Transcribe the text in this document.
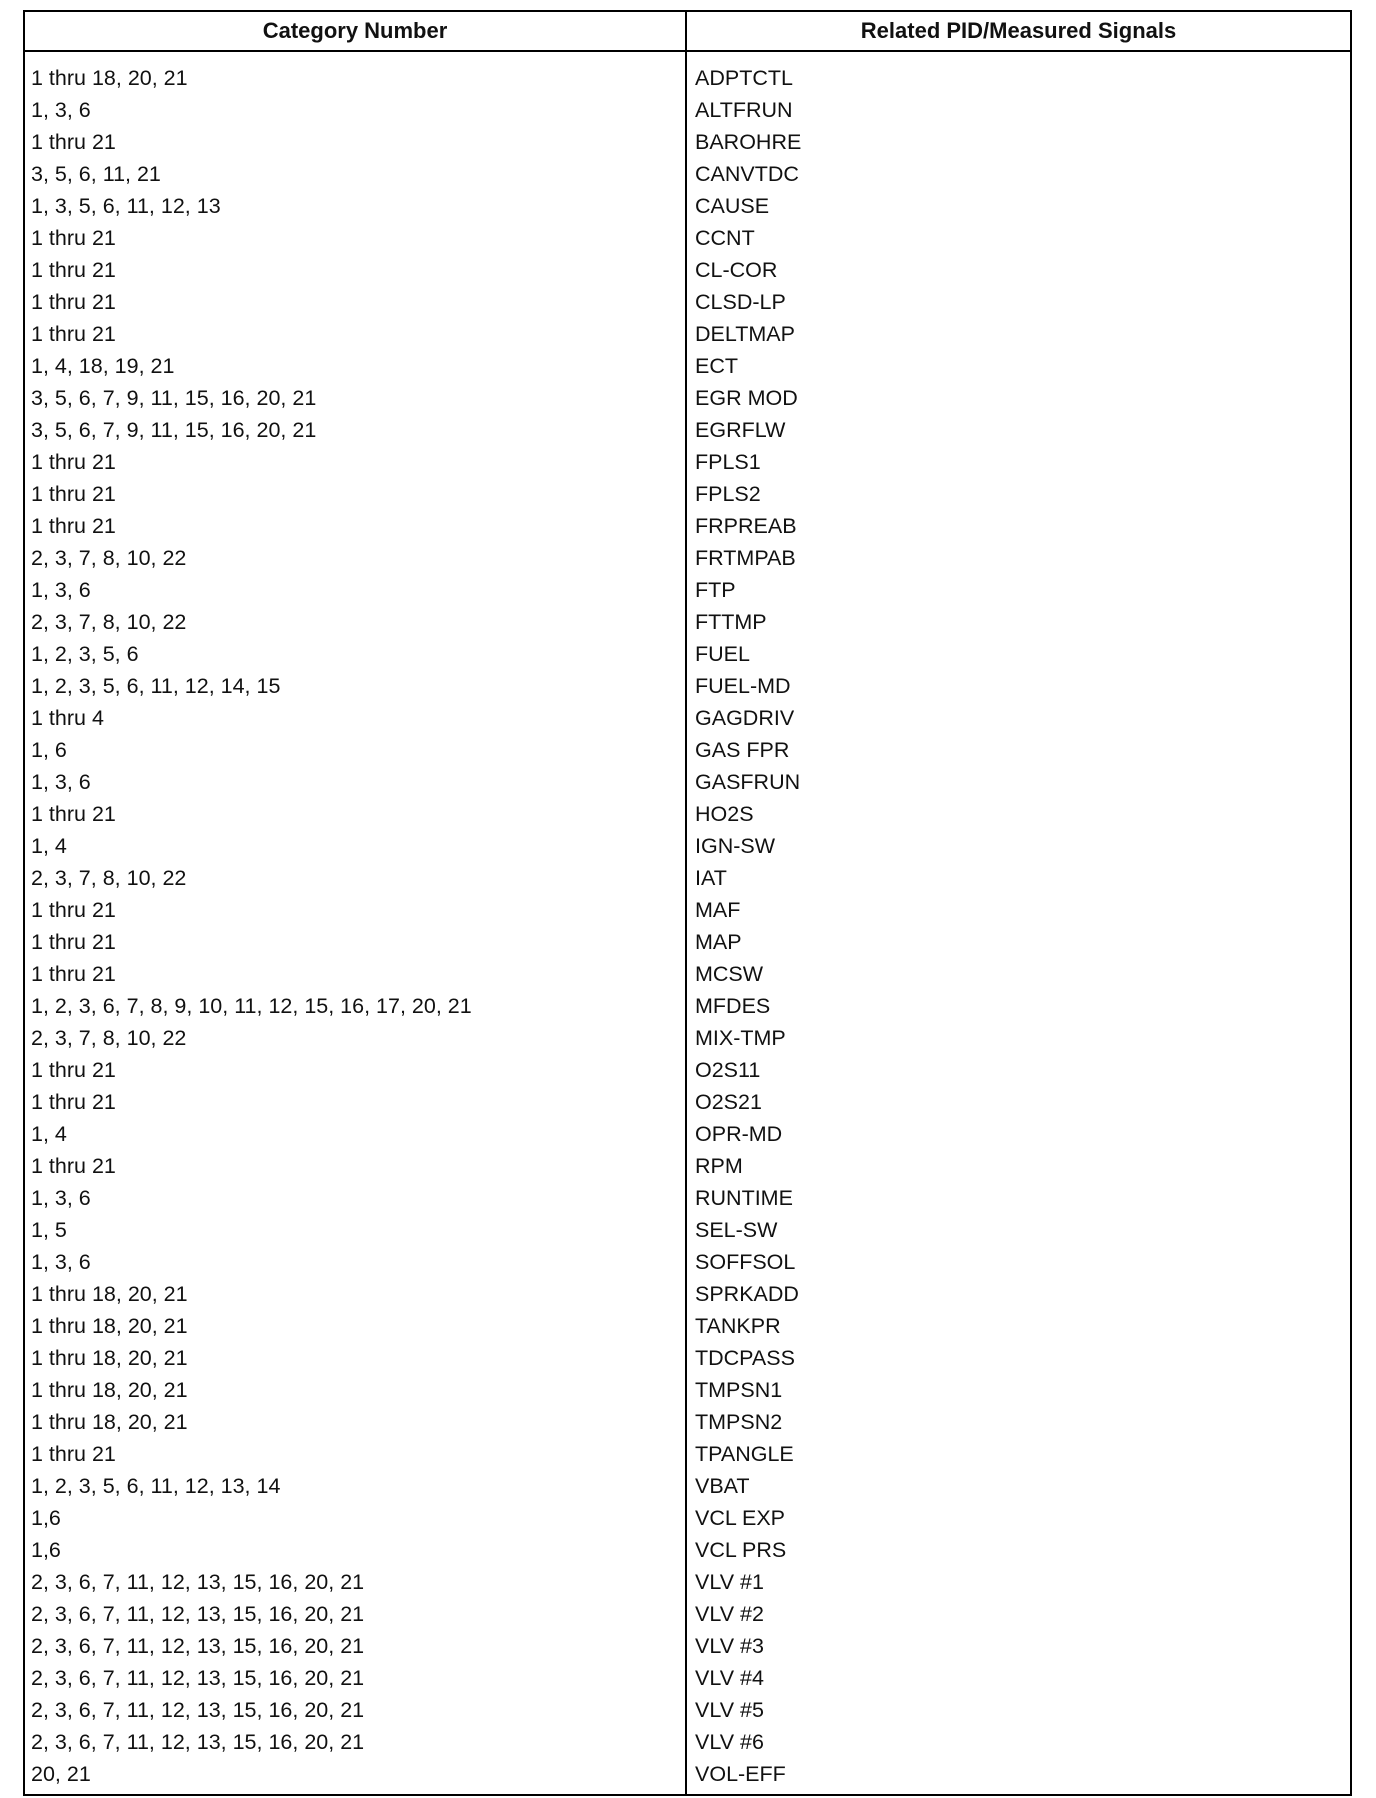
Category Number	Related PID/Measured Signals
1 thru 18, 20, 21
1, 3, 6
1 thru 21
3, 5, 6, 11, 21
1, 3, 5, 6, 11, 12, 13
1 thru 21
1 thru 21
1 thru 21
1 thru 21
1, 4, 18, 19, 21
3, 5, 6, 7, 9, 11, 15, 16, 20, 21
3, 5, 6, 7, 9, 11, 15, 16, 20, 21
1 thru 21
1 thru 21
1 thru 21
2, 3, 7, 8, 10, 22
1, 3, 6
2, 3, 7, 8, 10, 22
1, 2, 3, 5, 6
1, 2, 3, 5, 6, 11, 12, 14, 15
1 thru 4
1, 6
1, 3, 6
1 thru 21
1, 4
2, 3, 7, 8, 10, 22
1 thru 21
1 thru 21
1 thru 21
1, 2, 3, 6, 7, 8, 9, 10, 11, 12, 15, 16, 17, 20, 21
2, 3, 7, 8, 10, 22
1 thru 21
1 thru 21
1, 4
1 thru 21
1, 3, 6
1, 5
1, 3, 6
1 thru 18, 20, 21
1 thru 18, 20, 21
1 thru 18, 20, 21
1 thru 18, 20, 21
1 thru 18, 20, 21
1 thru 21
1, 2, 3, 5, 6, 11, 12, 13, 14
1,6
1,6
2, 3, 6, 7, 11, 12, 13, 15, 16, 20, 21
2, 3, 6, 7, 11, 12, 13, 15, 16, 20, 21
2, 3, 6, 7, 11, 12, 13, 15, 16, 20, 21
2, 3, 6, 7, 11, 12, 13, 15, 16, 20, 21
2, 3, 6, 7, 11, 12, 13, 15, 16, 20, 21
2, 3, 6, 7, 11, 12, 13, 15, 16, 20, 21
20, 21
ADPTCTL
ALTFRUN
BAROHRE
CANVTDC
CAUSE
CCNT
CL-COR
CLSD-LP
DELTMAP
ECT
EGR MOD
EGRFLW
FPLS1
FPLS2
FRPREAB
FRTMPAB
FTP
FTTMP
FUEL
FUEL-MD
GAGDRIV
GAS FPR
GASFRUN
HO2S
IGN-SW
IAT
MAF
MAP
MCSW
MFDES
MIX-TMP
O2S11
O2S21
OPR-MD
RPM
RUNTIME
SEL-SW
SOFFSOL
SPRKADD
TANKPR
TDCPASS
TMPSN1
TMPSN2
TPANGLE
VBAT
VCL EXP
VCL PRS
VLV #1
VLV #2
VLV #3
VLV #4
VLV #5
VLV #6
VOL-EFF
